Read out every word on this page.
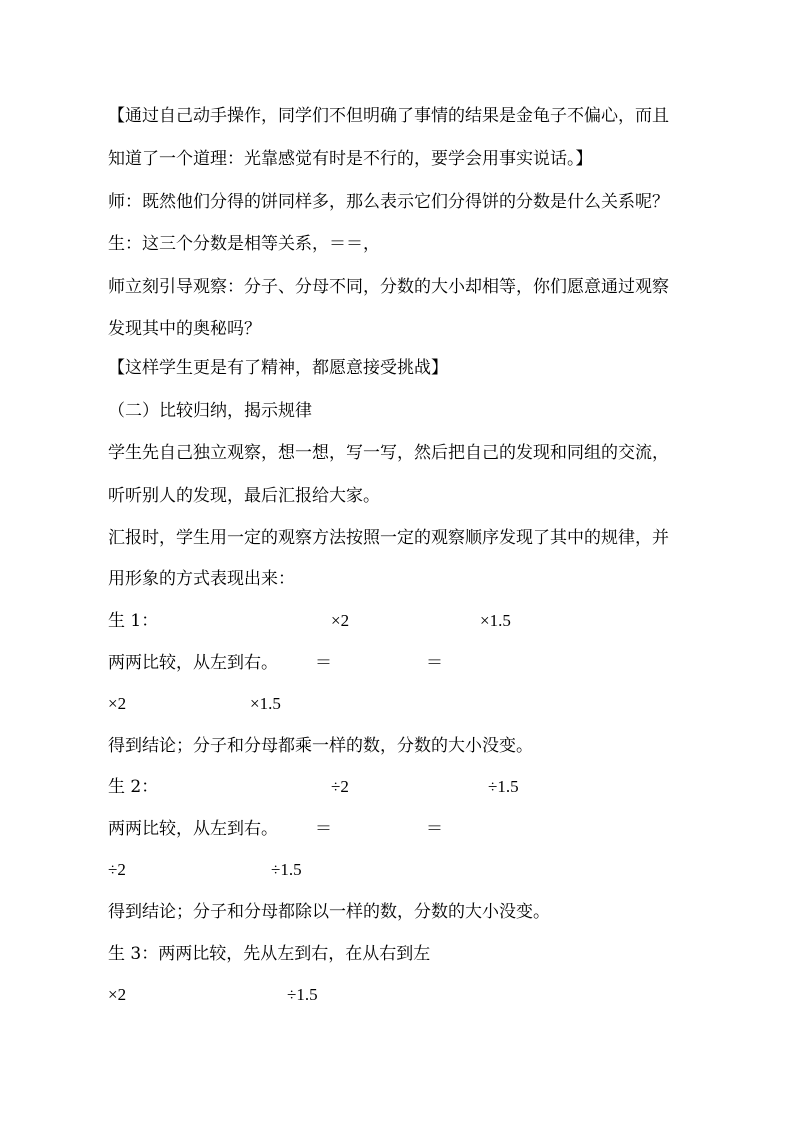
【通过自己动手操作，同学们不但明确了事情的结果是金龟子不偏心，而且
知道了一个道理：光靠感觉有时是不行的，要学会用事实说话。】
师：既然他们分得的饼同样多，那么表示它们分得饼的分数是什么关系呢？
生：这三个分数是相等关系，＝＝，
师立刻引导观察：分子、分母不同，分数的大小却相等，你们愿意通过观察
发现其中的奥秘吗？
【这样学生更是有了精神，都愿意接受挑战】
（二）比较归纳，揭示规律
学生先自己独立观察，想一想，写一写，然后把自己的发现和同组的交流，
听听别人的发现，最后汇报给大家。
汇报时，学生用一定的观察方法按照一定的观察顺序发现了其中的规律，并
用形象的方式表现出来：
生 1：	×2	×1.5
两两比较，从左到右。 ＝	＝
×2	×1.5
得到结论；分子和分母都乘一样的数，分数的大小没变。
生 2：	÷2	÷1.5
两两比较，从左到右。 ＝	＝
÷2	÷1.5
得到结论；分子和分母都除以一样的数，分数的大小没变。
生 3：两两比较，先从左到右，在从右到左
×2	÷1.5
